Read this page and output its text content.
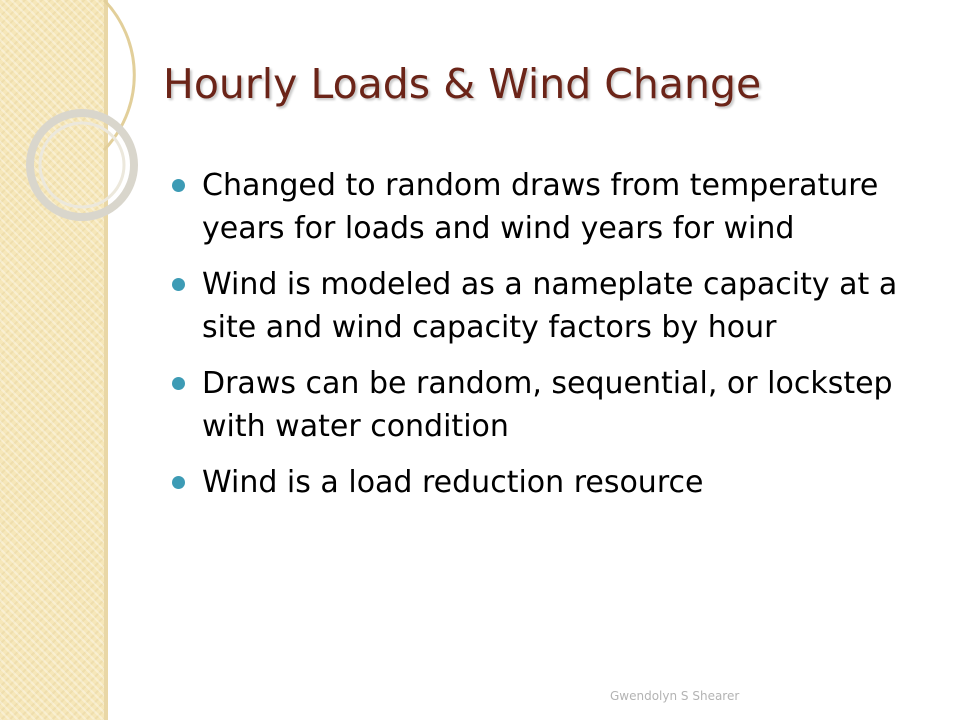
Hourly Loads & Wind Change
Changed to random draws from temperature years for loads and wind years for wind
Wind is modeled as a nameplate capacity at a site and wind capacity factors by hour
Draws can be random, sequential, or lockstep with water condition
Wind is a load reduction resource
Gwendolyn S Shearer
